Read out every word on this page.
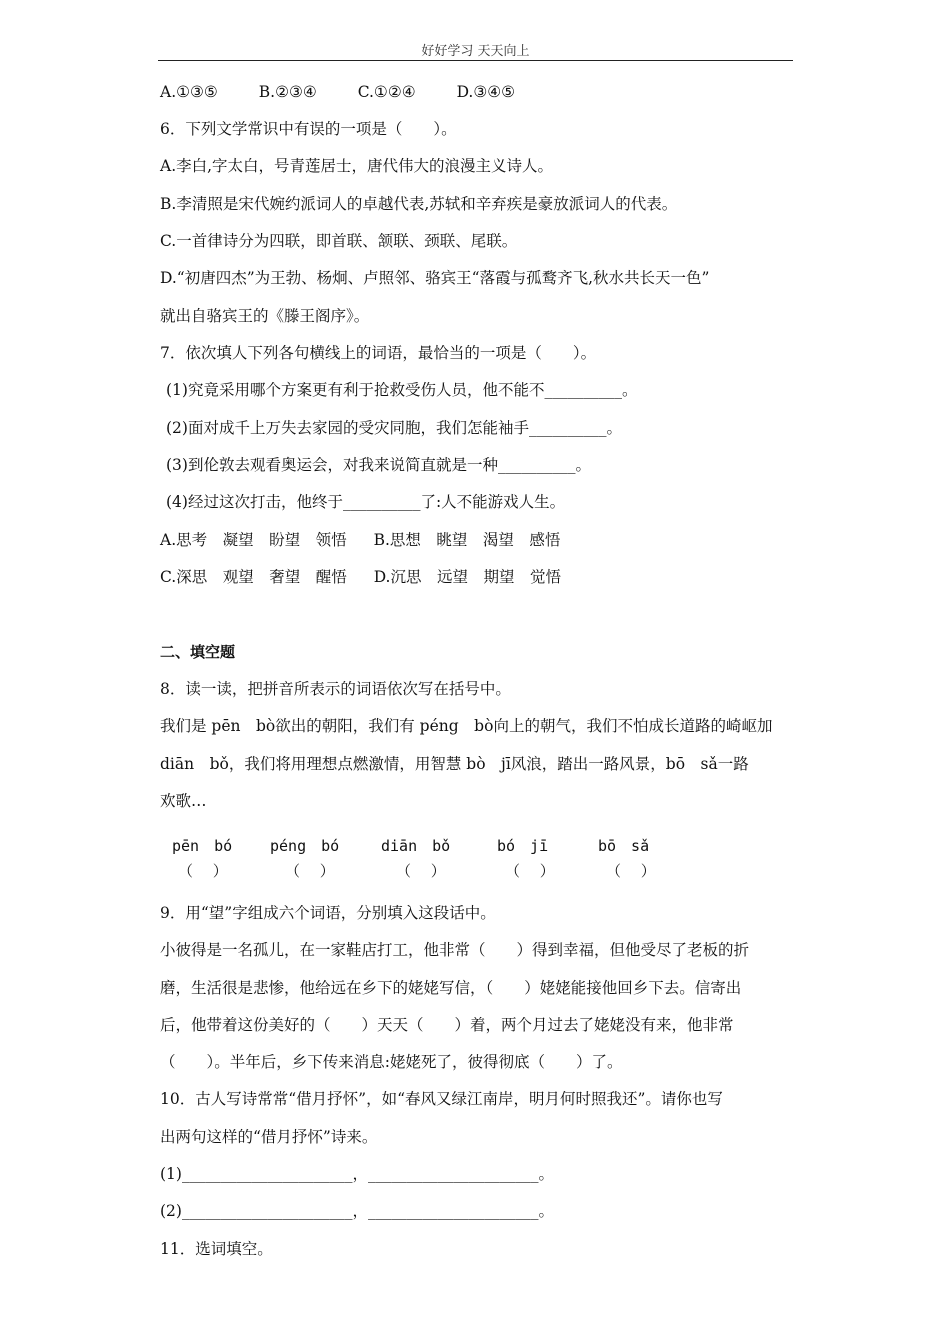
好好学习 天天向上
A.①③⑤	B.②③④	C.①②④	D.③④⑤
6．下列文学常识中有误的一项是（　　）。
A.李白,字太白，号青莲居士，唐代伟大的浪漫主义诗人。
B.李清照是宋代婉约派词人的卓越代表,苏轼和辛弃疾是豪放派词人的代表。
C.一首律诗分为四联，即首联、颔联、颈联、尾联。
D.“初唐四杰”为王勃、杨炯、卢照邻、骆宾王“落霞与孤鹜齐飞,秋水共长天一色”
就出自骆宾王的《滕王阁序》。
7．依次填人下列各句横线上的词语，最恰当的一项是（　　）。
(1)究竟采用哪个方案更有利于抢救受伤人员，他不能不__________。
(2)面对成千上万失去家园的受灾同胞，我们怎能袖手__________。
(3)到伦敦去观看奥运会，对我来说简直就是一种__________。
(4)经过这次打击，他终于__________了:人不能游戏人生。
A.思考　凝望　盼望　领悟 B.思想　眺望　渴望　感悟
C.深思　观望　奢望　醒悟 D.沉思　远望　期望　觉悟
二、填空题
8．读一读，把拼音所表示的词语依次写在括号中。
我们是 pēn　bò欲出的朝阳，我们有 péng　bò向上的朝气，我们不怕成长道路的崎岖加
diān　bǒ，我们将用理想点燃激情，用智慧 bò　jī风浪，踏出一路风景，bō　sǎ一路
欢歌…
pēn　bó	péng　bó	diān　bǒ	bó　jī	bō　sǎ
（　 ）	（　 ）	（　 ）	（　 ）	（　 ）
9．用“望”字组成六个词语，分别填入这段话中。
小彼得是一名孤儿，在一家鞋店打工，他非常（　　）得到幸福，但他受尽了老板的折
磨，生活很是悲惨，他给远在乡下的姥姥写信，（　　）姥姥能接他回乡下去。信寄出
后，他带着这份美好的（　　）天天（　　）着，两个月过去了姥姥没有来，他非常
（　　）。半年后，乡下传来消息:姥姥死了，彼得彻底（　　）了。
10．古人写诗常常“借月抒怀”，如“春风又绿江南岸，明月何时照我还”。请你也写
出两句这样的“借月抒怀”诗来。
(1)______________________，______________________。
(2)______________________，______________________。
11．选词填空。
